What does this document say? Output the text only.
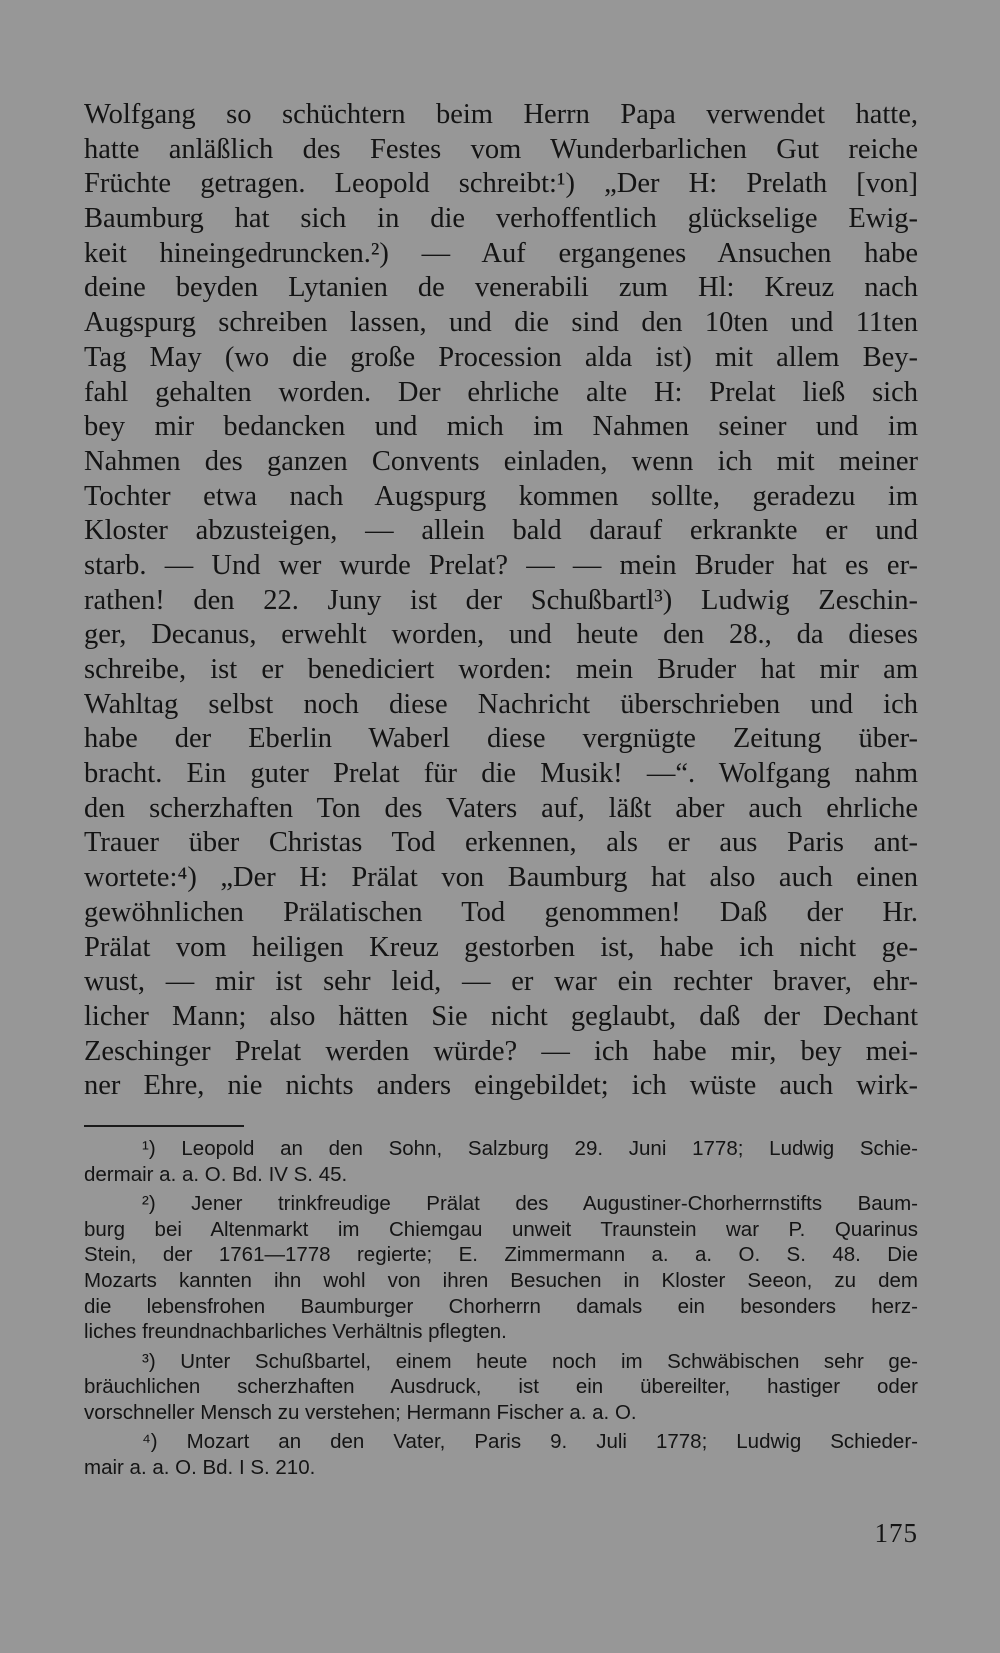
Wolfgang so schüchtern beim Herrn Papa verwendet hatte,
hatte anläßlich des Festes vom Wunderbarlichen Gut reiche
Früchte getragen. Leopold schreibt:¹) „Der H: Prelath [von]
Baumburg hat sich in die verhoffentlich glückselige Ewig-
keit hineingedruncken.²) — Auf ergangenes Ansuchen habe
deine beyden Lytanien de venerabili zum Hl: Kreuz nach
Augspurg schreiben lassen, und die sind den 10ten und 11ten
Tag May (wo die große Procession alda ist) mit allem Bey-
fahl gehalten worden. Der ehrliche alte H: Prelat ließ sich
bey mir bedancken und mich im Nahmen seiner und im
Nahmen des ganzen Convents einladen, wenn ich mit meiner
Tochter etwa nach Augspurg kommen sollte, geradezu im
Kloster abzusteigen, — allein bald darauf erkrankte er und
starb. — Und wer wurde Prelat? — — mein Bruder hat es er-
rathen! den 22. Juny ist der Schußbartl³) Ludwig Zeschin-
ger, Decanus, erwehlt worden, und heute den 28., da dieses
schreibe, ist er benediciert worden: mein Bruder hat mir am
Wahltag selbst noch diese Nachricht überschrieben und ich
habe der Eberlin Waberl diese vergnügte Zeitung über-
bracht. Ein guter Prelat für die Musik! —“. Wolfgang nahm
den scherzhaften Ton des Vaters auf, läßt aber auch ehrliche
Trauer über Christas Tod erkennen, als er aus Paris ant-
wortete:⁴) „Der H: Prälat von Baumburg hat also auch einen
gewöhnlichen Prälatischen Tod genommen! Daß der Hr.
Prälat vom heiligen Kreuz gestorben ist, habe ich nicht ge-
wust, — mir ist sehr leid, — er war ein rechter braver, ehr-
licher Mann; also hätten Sie nicht geglaubt, daß der Dechant
Zeschinger Prelat werden würde? — ich habe mir, bey mei-
ner Ehre, nie nichts anders eingebildet; ich wüste auch wirk-

¹) Leopold an den Sohn, Salzburg 29. Juni 1778; Ludwig Schie-
dermair a. a. O. Bd. IV S. 45.

²) Jener trinkfreudige Prälat des Augustiner-Chorherrnstifts Baum-
burg bei Altenmarkt im Chiemgau unweit Traunstein war P. Quarinus
Stein, der 1761—1778 regierte; E. Zimmermann a. a. O. S. 48. Die
Mozarts kannten ihn wohl von ihren Besuchen in Kloster Seeon, zu dem
die lebensfrohen Baumburger Chorherrn damals ein besonders herz-
liches freundnachbarliches Verhältnis pflegten.

³) Unter Schußbartel, einem heute noch im Schwäbischen sehr ge-
bräuchlichen scherzhaften Ausdruck, ist ein übereilter, hastiger oder
vorschneller Mensch zu verstehen; Hermann Fischer a. a. O.

⁴) Mozart an den Vater, Paris 9. Juli 1778; Ludwig Schieder-
mair a. a. O. Bd. I S. 210.

175
